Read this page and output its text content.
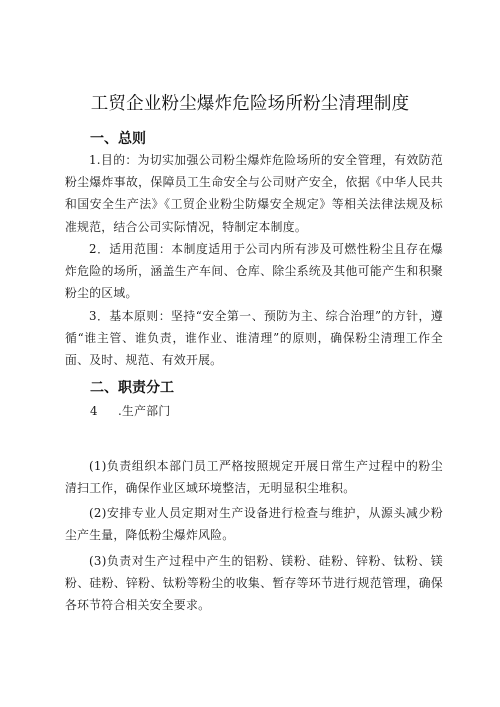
工贸企业粉尘爆炸危险场所粉尘清理制度
一、总则
1.目的：为切实加强公司粉尘爆炸危险场所的安全管理，有效防范粉尘爆炸事故，保障员工生命安全与公司财产安全，依据《中华人民共和国安全生产法》《工贸企业粉尘防爆安全规定》等相关法律法规及标准规范，结合公司实际情况，特制定本制度。
2．适用范围：本制度适用于公司内所有涉及可燃性粉尘且存在爆炸危险的场所，涵盖生产车间、仓库、除尘系统及其他可能产生和积聚粉尘的区域。
3．基本原则：坚持“安全第一、预防为主、综合治理”的方针，遵循“谁主管、谁负责，谁作业、谁清理”的原则，确保粉尘清理工作全面、及时、规范、有效开展。
二、职责分工
4 .生产部门
(1)负责组织本部门员工严格按照规定开展日常生产过程中的粉尘清扫工作，确保作业区域环境整洁，无明显积尘堆积。
(2)安排专业人员定期对生产设备进行检查与维护，从源头减少粉尘产生量，降低粉尘爆炸风险。
(3)负责对生产过程中产生的铝粉、镁粉、硅粉、锌粉、钛粉、镁粉、硅粉、锌粉、钛粉等粉尘的收集、暂存等环节进行规范管理，确保各环节符合相关安全要求。
